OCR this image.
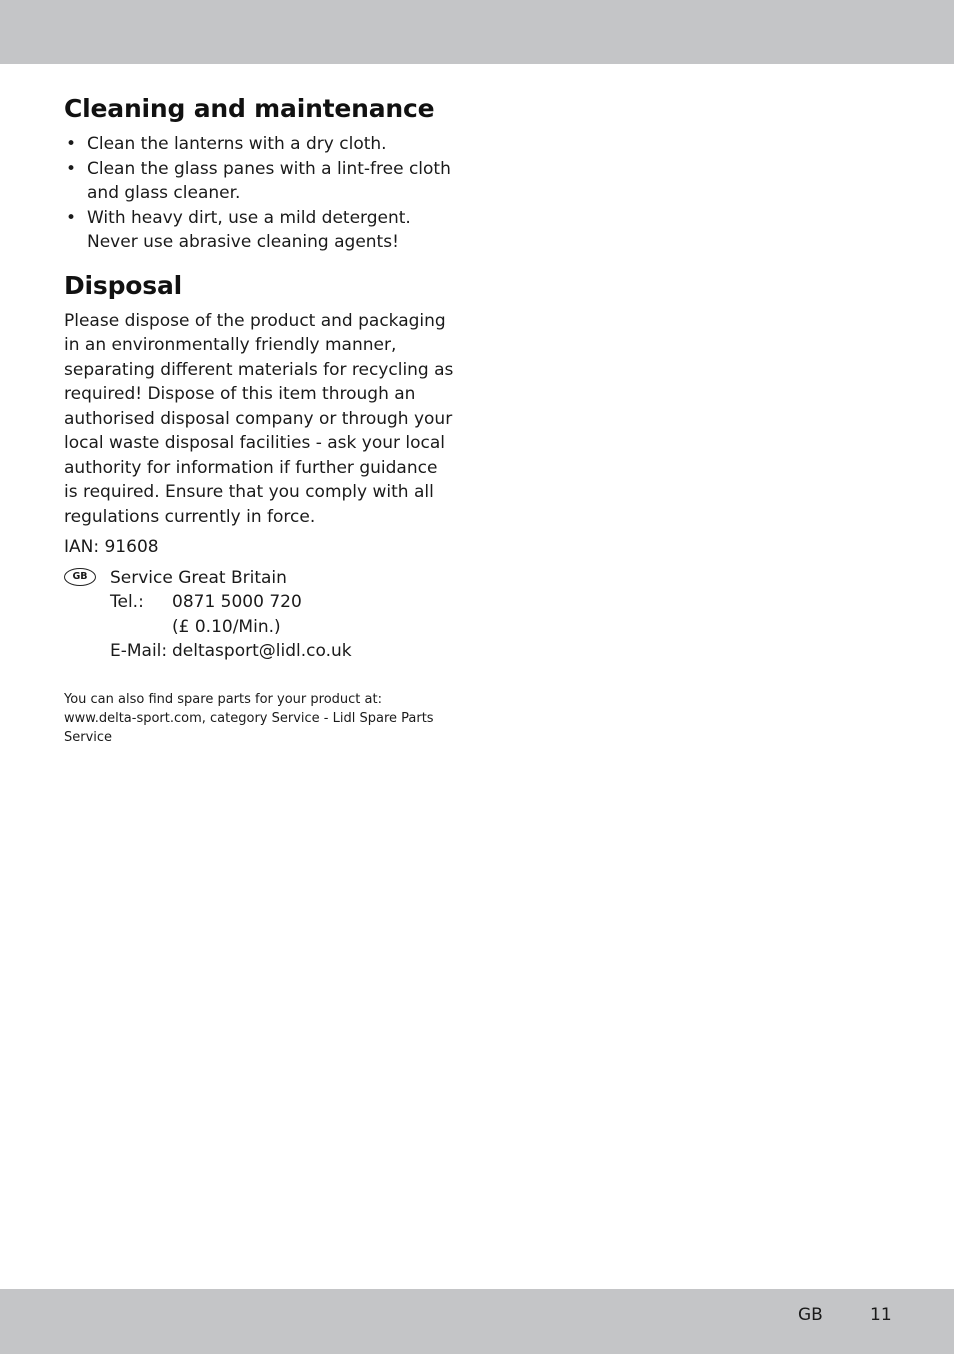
Cleaning and maintenance
• Clean the lanterns with a dry cloth.
• Clean the glass panes with a lint-free cloth and glass cleaner.
• With heavy dirt, use a mild detergent. Never use abrasive cleaning agents!
Disposal

Please dispose of the product and packaging in an environmentally friendly manner, separating different materials for recycling as required! Dispose of this item through an authorised disposal company or through your local waste disposal facilities - ask your local authority for information if further guidance is required. Ensure that you comply with all regulations currently in force.

IAN: 91608
GB	Service Great Britain
Tel.:	0871 5000 720
(£ 0.10/Min.)
E-Mail: deltasport@lidl.co.uk
You can also find spare parts for your product at: www.delta-sport.com, category Service - Lidl Spare Parts Service
GB	11
